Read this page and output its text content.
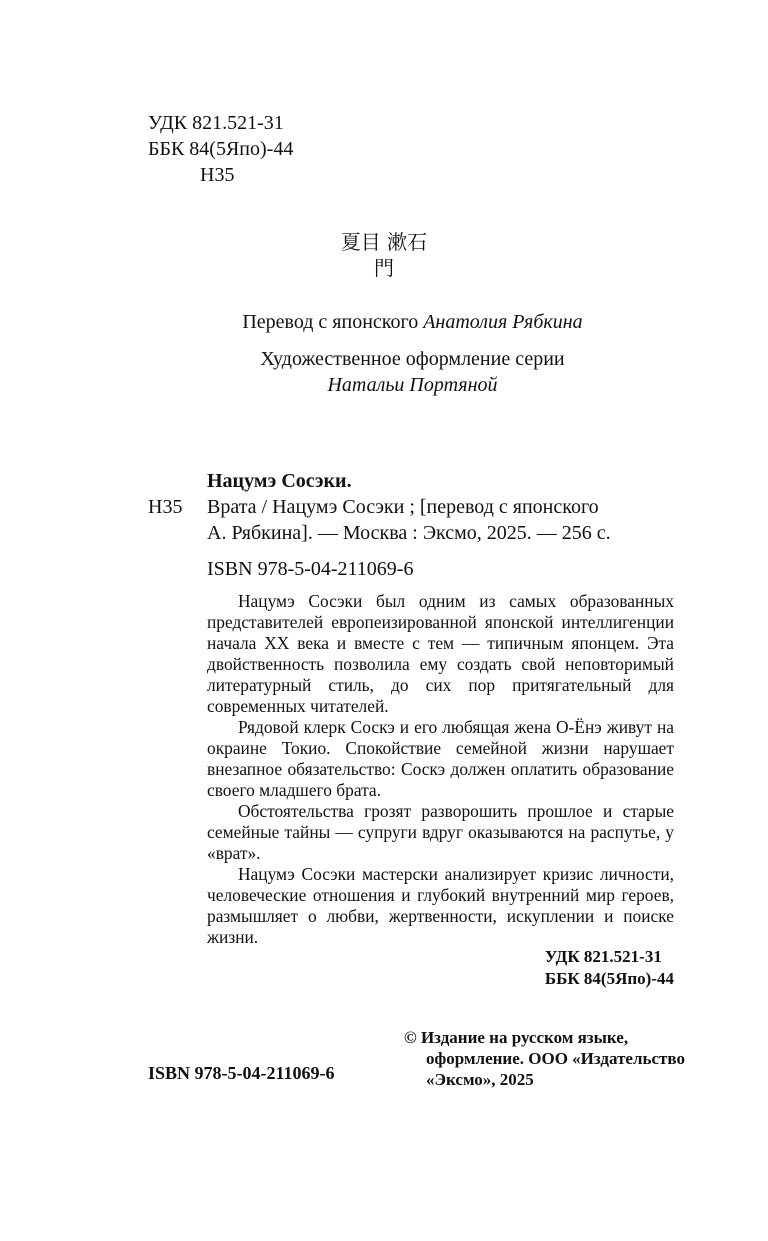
УДК 821.521-31
ББК 84(5Япо)-44
Н35
夏目 漱石
門
Перевод с японского Анатолия Рябкина
Художественное оформление серии
Натальи Портяной
Нацумэ Сосэки.
Н35 Врата / Нацумэ Сосэки ; [перевод с японского
А. Рябкина]. — Москва : Эксмо, 2025. — 256 с.
ISBN 978-5-04-211069-6

Нацумэ Сосэки был одним из самых образованных представителей европеизированной японской интеллигенции начала XX века и вместе с тем — типичным японцем. Эта двойственность позволила ему создать свой неповторимый литературный стиль, до сих пор притягательный для современных читателей.

Рядовой клерк Соскэ и его любящая жена О-Ёнэ живут на окраине Токио. Спокойствие семейной жизни нарушает внезапное обязательство: Соскэ должен оплатить образование своего младшего брата.

Обстоятельства грозят разворошить прошлое и старые семейные тайны — супруги вдруг оказываются на распутье, у «врат».

Нацумэ Сосэки мастерски анализирует кризис личности, человеческие отношения и глубокий внутренний мир героев, размышляет о любви, жертвенности, искуплении и поиске жизни.

УДК 821.521-31
ББК 84(5Япо)-44
© Издание на русском языке,
оформление. ООО «Издательство
«Эксмо», 2025
ISBN 978-5-04-211069-6
